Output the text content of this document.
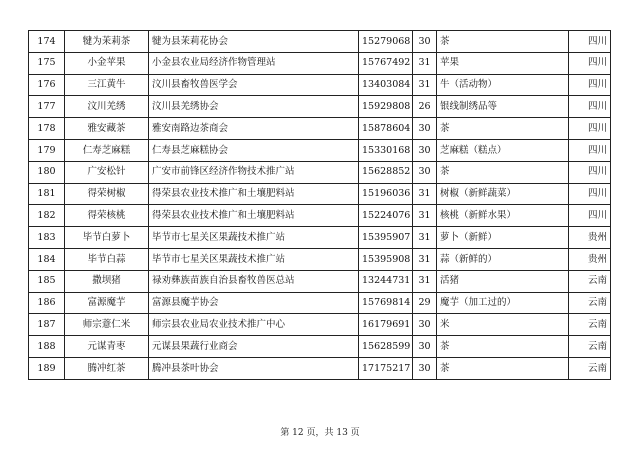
174	犍为茉莉茶	犍为县茉莉花协会	15279068	30	茶	四川
175	小金苹果	小金县农业局经济作物管理站	15767492	31	苹果	四川
176	三江黄牛	汶川县畜牧兽医学会	13403084	31	牛（活动物）	四川
177	汶川羌绣	汶川县羌绣协会	15929808	26	银线制绣品等	四川
178	雅安藏茶	雅安南路边茶商会	15878604	30	茶	四川
179	仁寿芝麻糕	仁寿县芝麻糕协会	15330168	30	芝麻糕（糕点）	四川
180	广安松针	广安市前锋区经济作物技术推广站	15628852	30	茶	四川
181	得荣树椒	得荣县农业技术推广和土壤肥料站	15196036	31	树椒（新鲜蔬菜）	四川
182	得荣核桃	得荣县农业技术推广和土壤肥料站	15224076	31	核桃（新鲜水果）	四川
183	毕节白萝卜	毕节市七星关区果蔬技术推广站	15395907	31	萝卜（新鲜）	贵州
184	毕节白蒜	毕节市七星关区果蔬技术推广站	15395908	31	蒜（新鲜的）	贵州
185	撒坝猪	禄劝彝族苗族自治县畜牧兽医总站	13244731	31	活猪	云南
186	富源魔芋	富源县魔芋协会	15769814	29	魔芋（加工过的）	云南
187	师宗薏仁米	师宗县农业局农业技术推广中心	16179691	30	米	云南
188	元谋青枣	元谋县果蔬行业商会	15628599	30	茶	云南
189	腾冲红茶	腾冲县茶叶协会	17175217	30	茶	云南
第 12 页，共 13 页
